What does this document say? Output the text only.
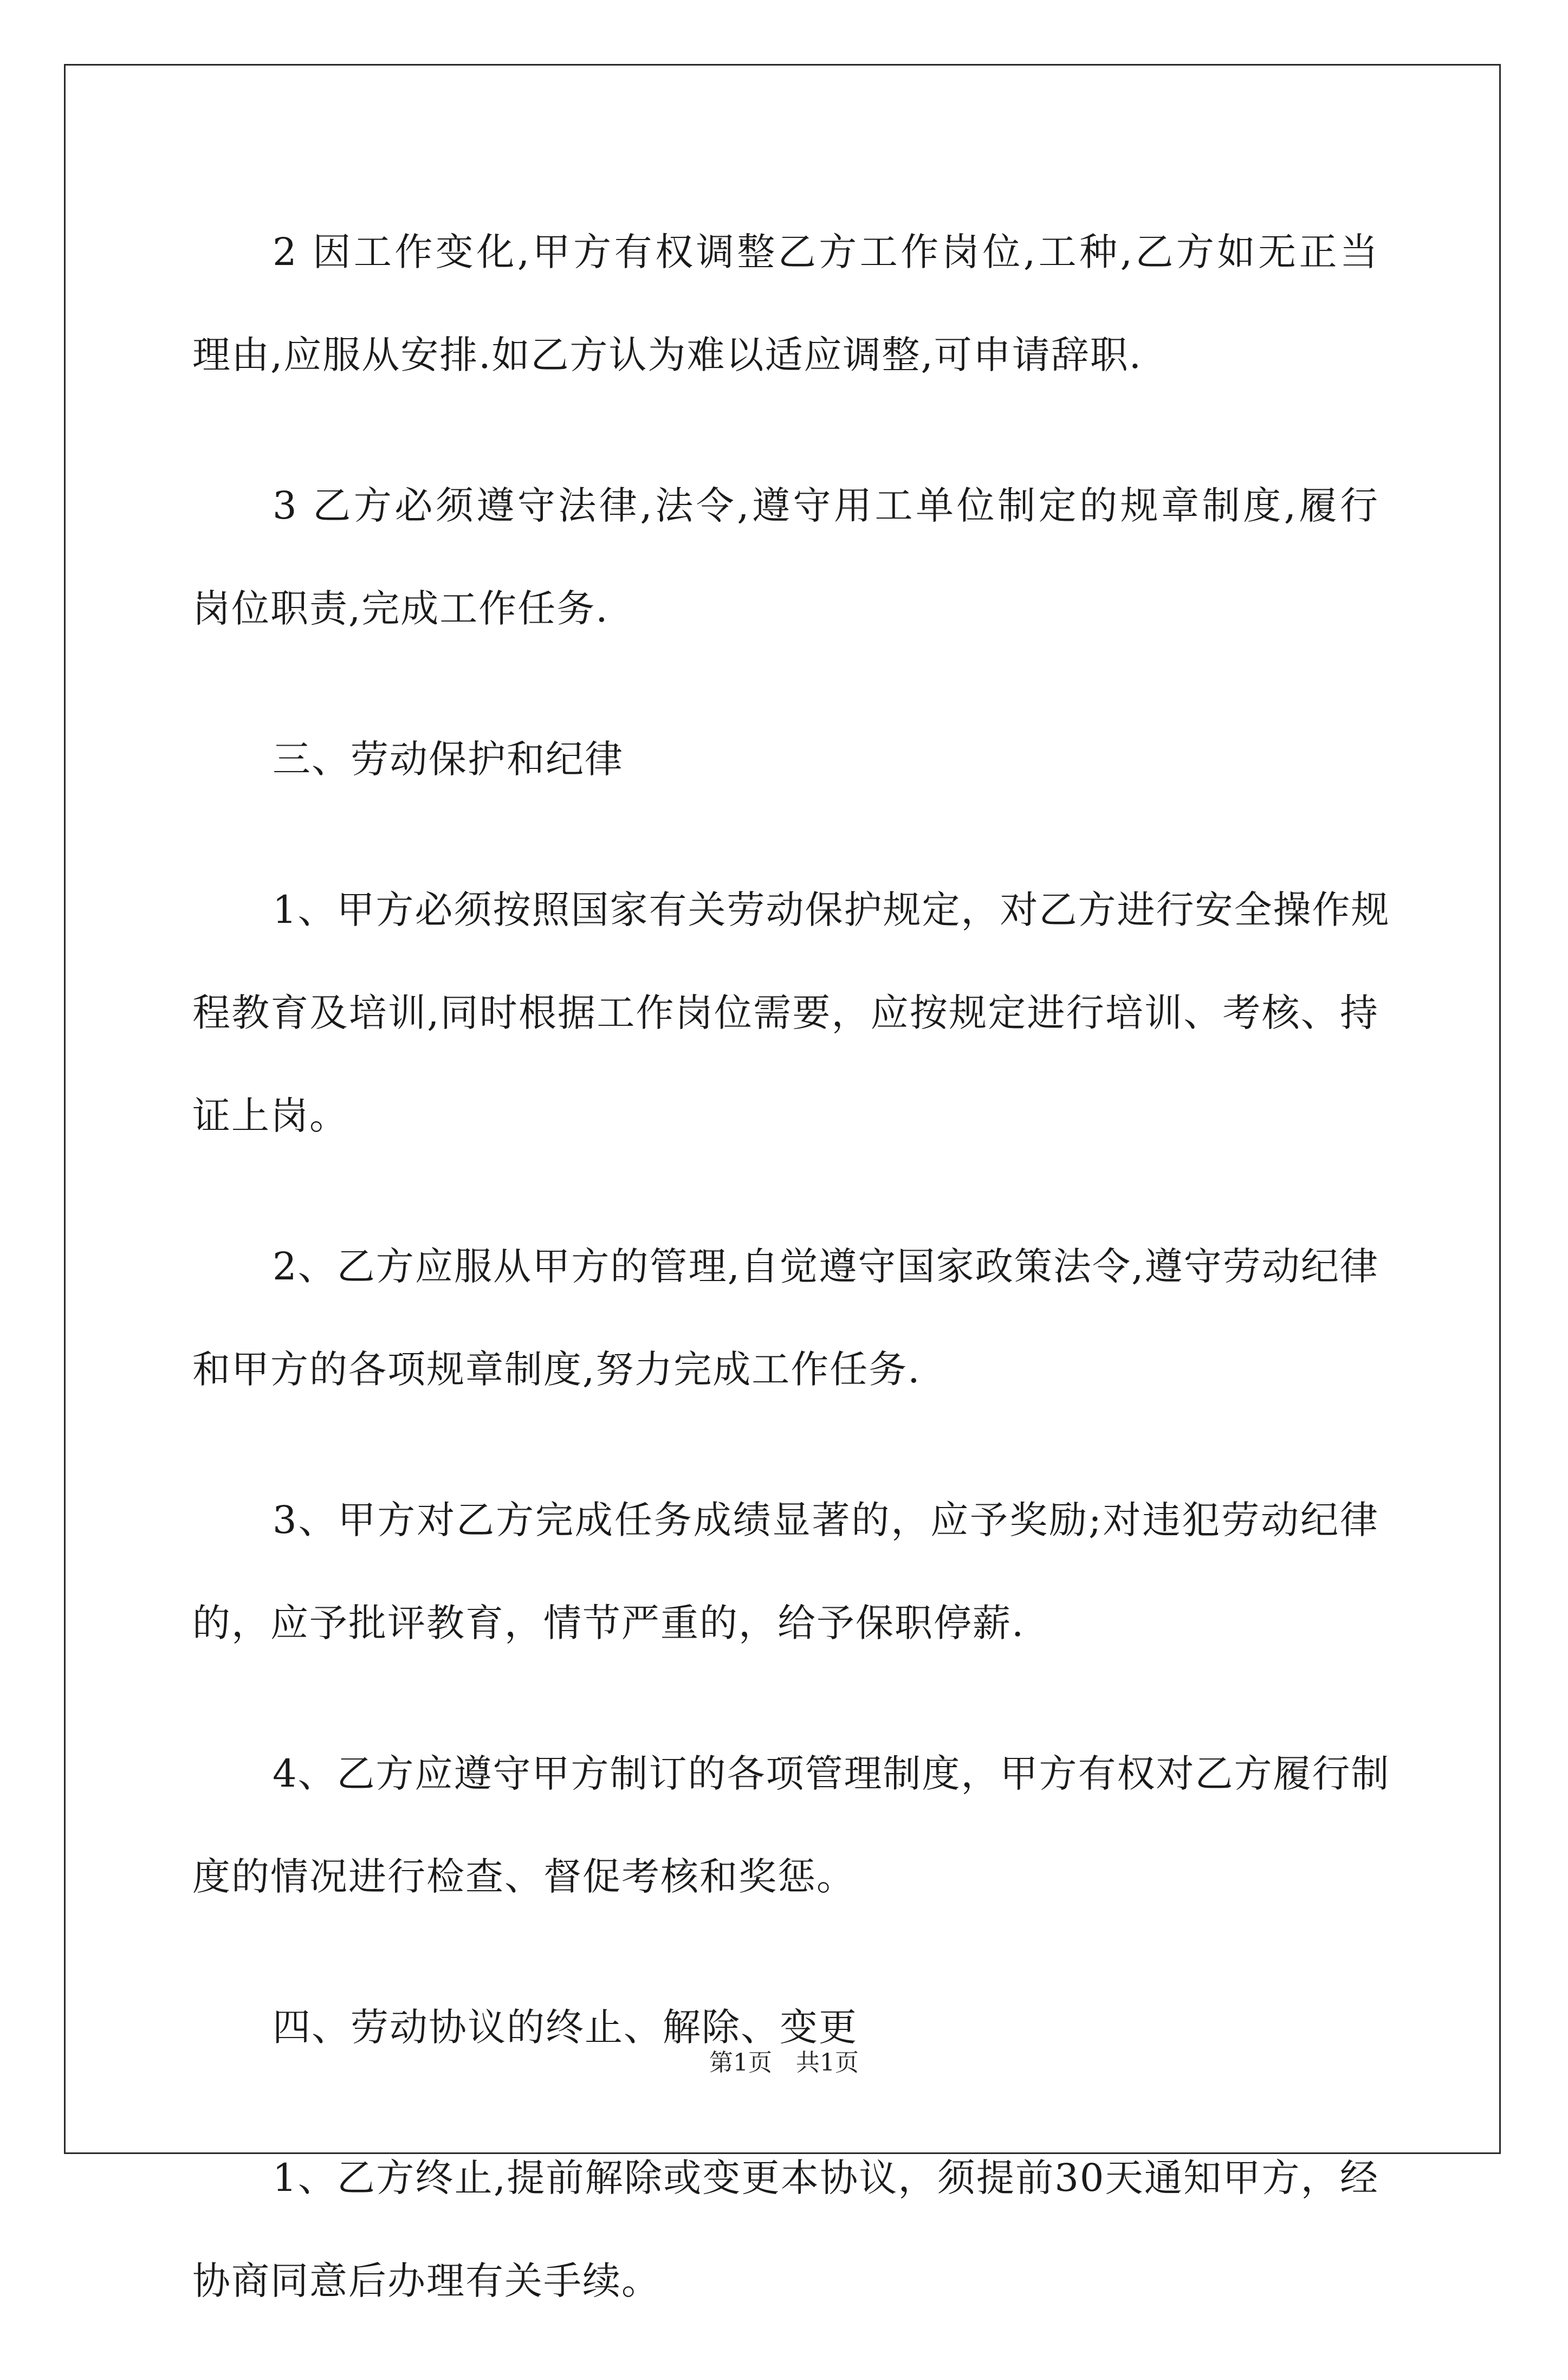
2 因工作变化,甲方有权调整乙方工作岗位,工种,乙方如无正当
理由,应服从安排.如乙方认为难以适应调整,可申请辞职.
3 乙方必须遵守法律,法令,遵守用工单位制定的规章制度,履行
岗位职责,完成工作任务.
三、劳动保护和纪律
1、甲方必须按照国家有关劳动保护规定，对乙方进行安全操作规
程教育及培训,同时根据工作岗位需要，应按规定进行培训、考核、持
证上岗。
2、乙方应服从甲方的管理,自觉遵守国家政策法令,遵守劳动纪律
和甲方的各项规章制度,努力完成工作任务.
3、甲方对乙方完成任务成绩显著的，应予奖励;对违犯劳动纪律
的，应予批评教育，情节严重的，给予保职停薪.
4、乙方应遵守甲方制订的各项管理制度，甲方有权对乙方履行制
度的情况进行检查、督促考核和奖惩。
四、劳动协议的终止、解除、变更
1、乙方终止,提前解除或变更本协议，须提前30天通知甲方，经
协商同意后办理有关手续。
第1页　共1页
